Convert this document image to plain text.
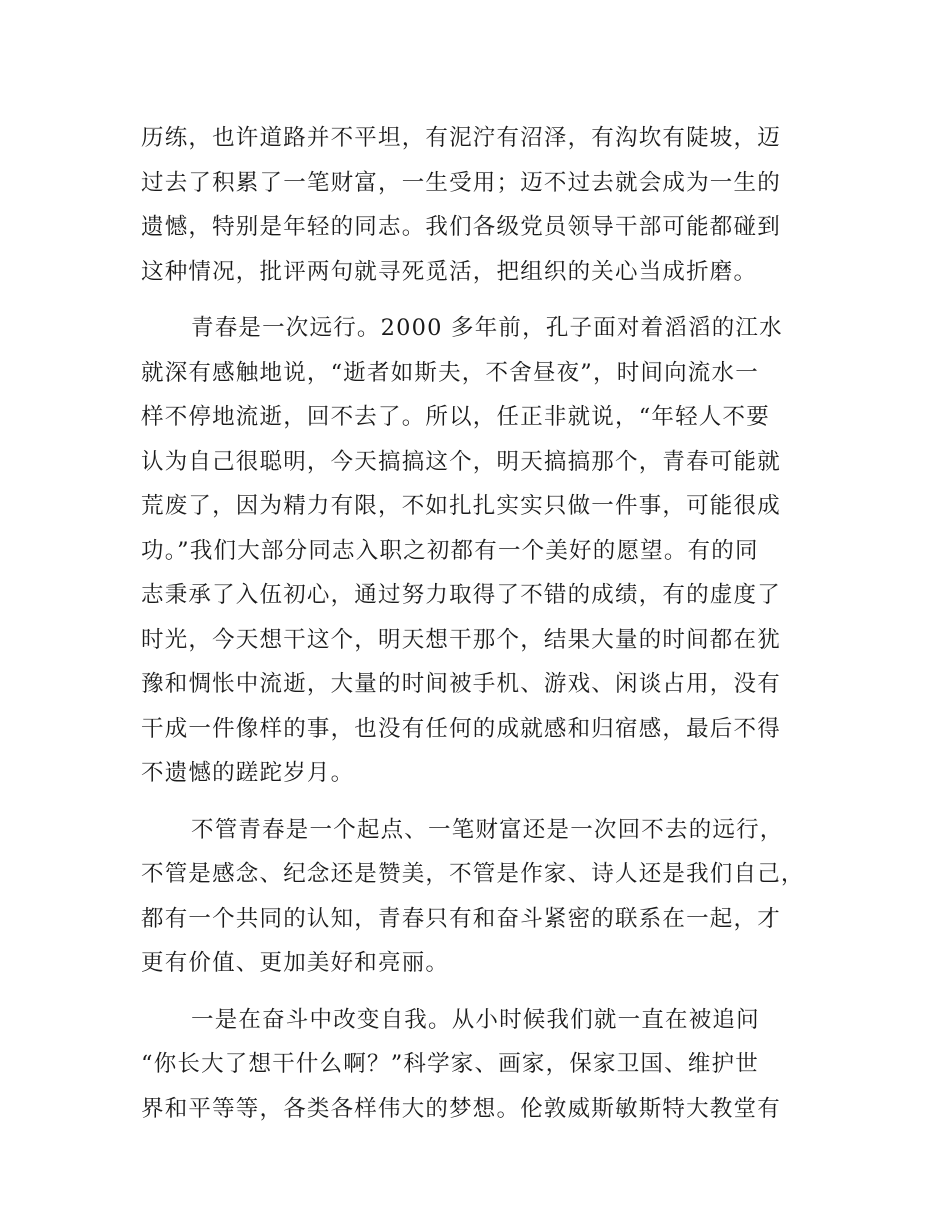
历练，也许道路并不平坦，有泥泞有沼泽，有沟坎有陡坡，迈
过去了积累了一笔财富，一生受用；迈不过去就会成为一生的
遗憾，特别是年轻的同志。我们各级党员领导干部可能都碰到
这种情况，批评两句就寻死觅活，把组织的关心当成折磨。

青春是一次远行。2000 多年前，孔子面对着滔滔的江水
就深有感触地说，“逝者如斯夫，不舍昼夜”，时间向流水一
样不停地流逝，回不去了。所以，任正非就说，“年轻人不要
认为自己很聪明，今天搞搞这个，明天搞搞那个，青春可能就
荒废了，因为精力有限，不如扎扎实实只做一件事，可能很成
功。”我们大部分同志入职之初都有一个美好的愿望。有的同
志秉承了入伍初心，通过努力取得了不错的成绩，有的虚度了
时光，今天想干这个，明天想干那个，结果大量的时间都在犹
豫和惆怅中流逝，大量的时间被手机、游戏、闲谈占用，没有
干成一件像样的事，也没有任何的成就感和归宿感，最后不得
不遗憾的蹉跎岁月。

不管青春是一个起点、一笔财富还是一次回不去的远行，
不管是感念、纪念还是赞美，不管是作家、诗人还是我们自己，
都有一个共同的认知，青春只有和奋斗紧密的联系在一起，才
更有价值、更加美好和亮丽。

一是在奋斗中改变自我。从小时候我们就一直在被追问
“你长大了想干什么啊？”科学家、画家，保家卫国、维护世
界和平等等，各类各样伟大的梦想。伦敦威斯敏斯特大教堂有
